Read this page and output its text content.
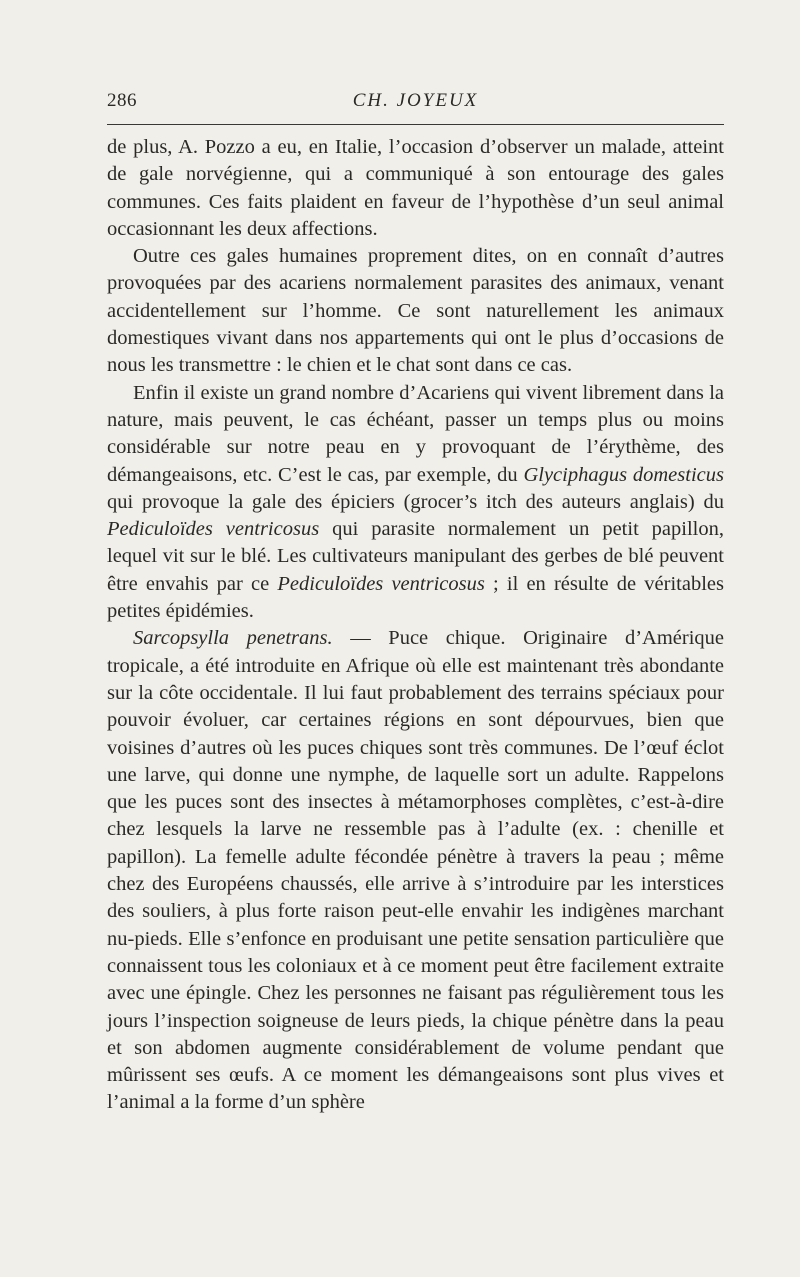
286	CH. JOYEUX

de plus, A. Pozzo a eu, en Italie, l’occasion d’observer un malade, atteint de gale norvégienne, qui a communiqué à son entourage des gales communes. Ces faits plaident en faveur de l’hypothèse d’un seul animal occasionnant les deux affections.

Outre ces gales humaines proprement dites, on en connaît d’autres provoquées par des acariens normalement parasites des animaux, venant accidentellement sur l’homme. Ce sont naturellement les animaux domestiques vivant dans nos appartements qui ont le plus d’occasions de nous les transmettre : le chien et le chat sont dans ce cas.

Enfin il existe un grand nombre d’Acariens qui vivent librement dans la nature, mais peuvent, le cas échéant, passer un temps plus ou moins considérable sur notre peau en y provoquant de l’érythème, des démangeaisons, etc. C’est le cas, par exemple, du Glyciphagus domesticus qui provoque la gale des épiciers (grocer’s itch des auteurs anglais) du Pediculoïdes ventricosus qui parasite normalement un petit papillon, lequel vit sur le blé. Les cultivateurs manipulant des gerbes de blé peuvent être envahis par ce Pediculoïdes ventricosus ; il en résulte de véritables petites épidémies.

Sarcopsylla penetrans. — Puce chique. Originaire d’Amérique tropicale, a été introduite en Afrique où elle est maintenant très abondante sur la côte occidentale. Il lui faut probablement des terrains spéciaux pour pouvoir évoluer, car certaines régions en sont dépourvues, bien que voisines d’autres où les puces chiques sont très communes. De l’œuf éclot une larve, qui donne une nymphe, de laquelle sort un adulte. Rappelons que les puces sont des insectes à métamorphoses complètes, c’est-à-dire chez lesquels la larve ne ressemble pas à l’adulte (ex. : chenille et papillon). La femelle adulte fécondée pénètre à travers la peau ; même chez des Européens chaussés, elle arrive à s’introduire par les interstices des souliers, à plus forte raison peut-elle envahir les indigènes marchant nu-pieds. Elle s’enfonce en produisant une petite sensation particulière que connaissent tous les coloniaux et à ce moment peut être facilement extraite avec une épingle. Chez les personnes ne faisant pas régulièrement tous les jours l’inspection soigneuse de leurs pieds, la chique pénètre dans la peau et son abdomen augmente considérablement de volume pendant que mûrissent ses œufs. A ce moment les démangeaisons sont plus vives et l’animal a la forme d’un sphère
